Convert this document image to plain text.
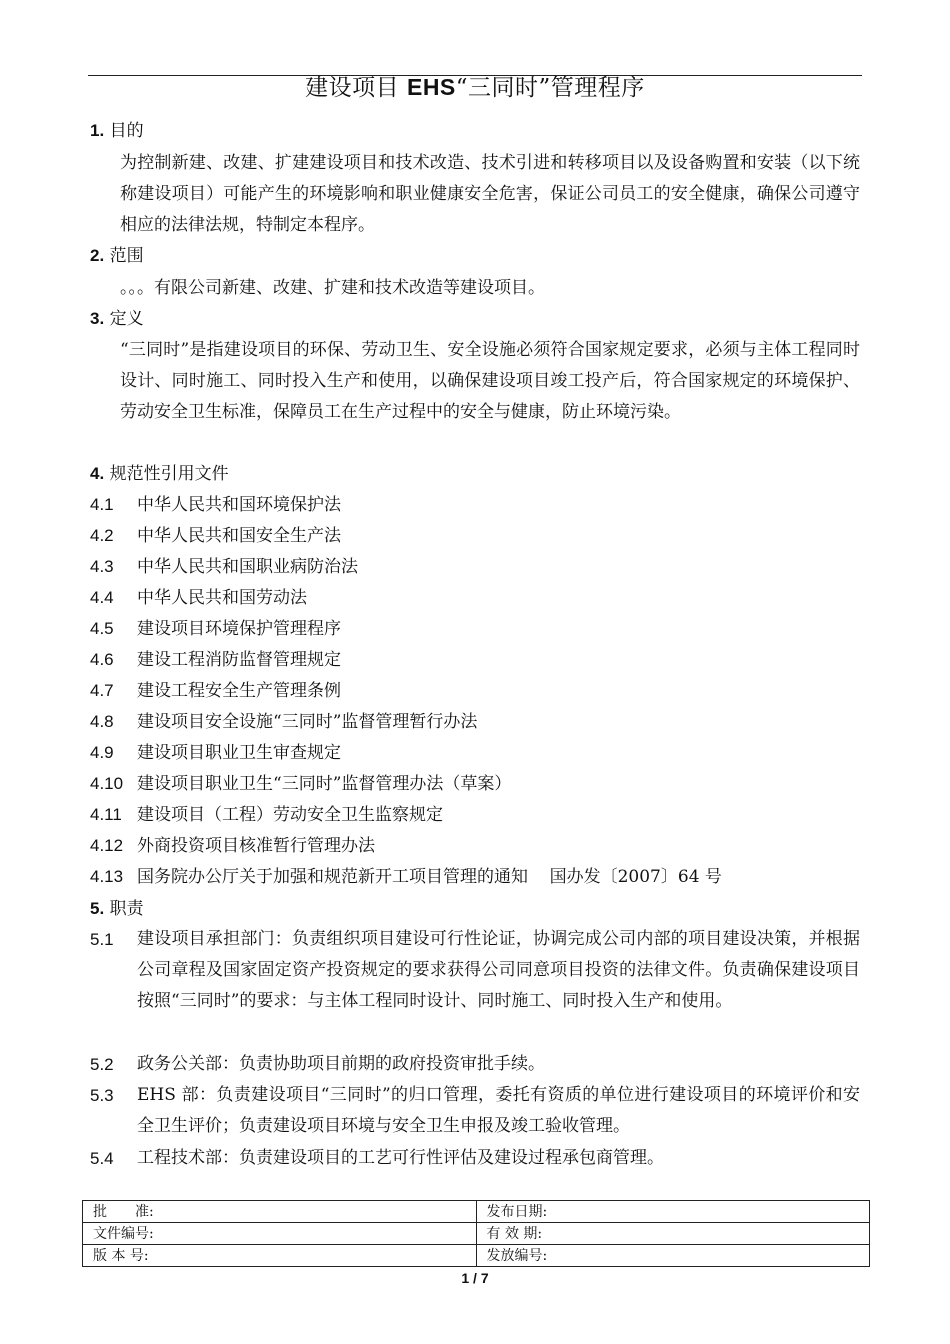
建设项目 EHS“三同时”管理程序
1. 目的
为控制新建、改建、扩建建设项目和技术改造、技术引进和转移项目以及设备购置和安装（以下统称建设项目）可能产生的环境影响和职业健康安全危害，保证公司员工的安全健康，确保公司遵守相应的法律法规，特制定本程序。
2. 范围
。。。有限公司新建、改建、扩建和技术改造等建设项目。
3. 定义
“三同时”是指建设项目的环保、劳动卫生、安全设施必须符合国家规定要求，必须与主体工程同时设计、同时施工、同时投入生产和使用，以确保建设项目竣工投产后，符合国家规定的环境保护、劳动安全卫生标准，保障员工在生产过程中的安全与健康，防止环境污染。
4. 规范性引用文件
4.1 中华人民共和国环境保护法
4.2 中华人民共和国安全生产法
4.3 中华人民共和国职业病防治法
4.4 中华人民共和国劳动法
4.5 建设项目环境保护管理程序
4.6 建设工程消防监督管理规定
4.7 建设工程安全生产管理条例
4.8 建设项目安全设施“三同时”监督管理暂行办法
4.9 建设项目职业卫生审查规定
4.10 建设项目职业卫生“三同时”监督管理办法（草案）
4.11 建设项目（工程）劳动安全卫生监察规定
4.12 外商投资项目核准暂行管理办法
4.13 国务院办公厅关于加强和规范新开工项目管理的通知    国办发〔2007〕64 号
5. 职责
5.1 建设项目承担部门：负责组织项目建设可行性论证，协调完成公司内部的项目建设决策，并根据公司章程及国家固定资产投资规定的要求获得公司同意项目投资的法律文件。负责确保建设项目按照“三同时”的要求：与主体工程同时设计、同时施工、同时投入生产和使用。
5.2 政务公关部：负责协助项目前期的政府投资审批手续。
5.3 EHS 部：负责建设项目“三同时”的归口管理，委托有资质的单位进行建设项目的环境评价和安全卫生评价；负责建设项目环境与安全卫生申报及竣工验收管理。
5.4 工程技术部：负责建设项目的工艺可行性评估及建设过程承包商管理。
批　　准:	发布日期:
文件编号:	有 效 期:
版 本 号:	发放编号:
1 / 7
